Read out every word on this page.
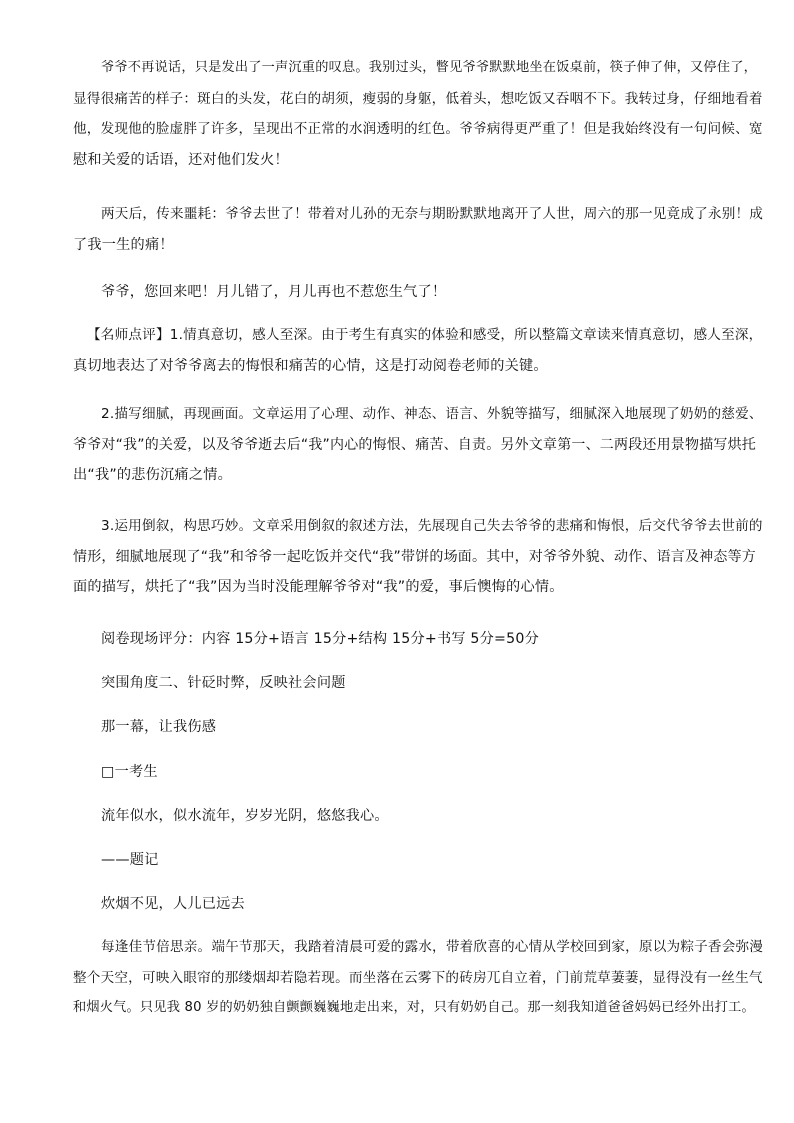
爷爷不再说话，只是发出了一声沉重的叹息。我别过头，瞥见爷爷默默地坐在饭桌前，筷子伸了伸，又停住了，
显得很痛苦的样子：斑白的头发，花白的胡须，瘦弱的身躯，低着头，想吃饭又吞咽不下。我转过身，仔细地看着
他，发现他的脸虚胖了许多，呈现出不正常的水润透明的红色。爷爷病得更严重了！但是我始终没有一句问候、宽
慰和关爱的话语，还对他们发火！
两天后，传来噩耗：爷爷去世了！带着对儿孙的无奈与期盼默默地离开了人世，周六的那一见竟成了永别！成
了我一生的痛！
爷爷，您回来吧！月儿错了，月儿再也不惹您生气了！
【名师点评】1.情真意切，感人至深。由于考生有真实的体验和感受，所以整篇文章读来情真意切，感人至深，
真切地表达了对爷爷离去的悔恨和痛苦的心情，这是打动阅卷老师的关键。
2.描写细腻，再现画面。文章运用了心理、动作、神态、语言、外貌等描写，细腻深入地展现了奶奶的慈爱、
爷爷对“我”的关爱，以及爷爷逝去后“我”内心的悔恨、痛苦、自责。另外文章第一、二两段还用景物描写烘托
出“我”的悲伤沉痛之情。
3.运用倒叙，构思巧妙。文章采用倒叙的叙述方法，先展现自己失去爷爷的悲痛和悔恨，后交代爷爷去世前的
情形，细腻地展现了“我”和爷爷一起吃饭并交代“我”带饼的场面。其中，对爷爷外貌、动作、语言及神态等方
面的描写，烘托了“我”因为当时没能理解爷爷对“我”的爱，事后懊悔的心情。
阅卷现场评分：内容 15分+语言 15分+结构 15分+书写 5分=50分
突围角度二、针砭时弊，反映社会问题
那一幕，让我伤感
□一考生
流年似水，似水流年，岁岁光阴，悠悠我心。
——题记
炊烟不见，人儿已远去
每逢佳节倍思亲。端午节那天，我踏着清晨可爱的露水，带着欣喜的心情从学校回到家，原以为粽子香会弥漫
整个天空，可映入眼帘的那缕烟却若隐若现。而坐落在云雾下的砖房兀自立着，门前荒草萋萋，显得没有一丝生气
和烟火气。只见我 80 岁的奶奶独自颤颤巍巍地走出来，对，只有奶奶自己。那一刻我知道爸爸妈妈已经外出打工。
